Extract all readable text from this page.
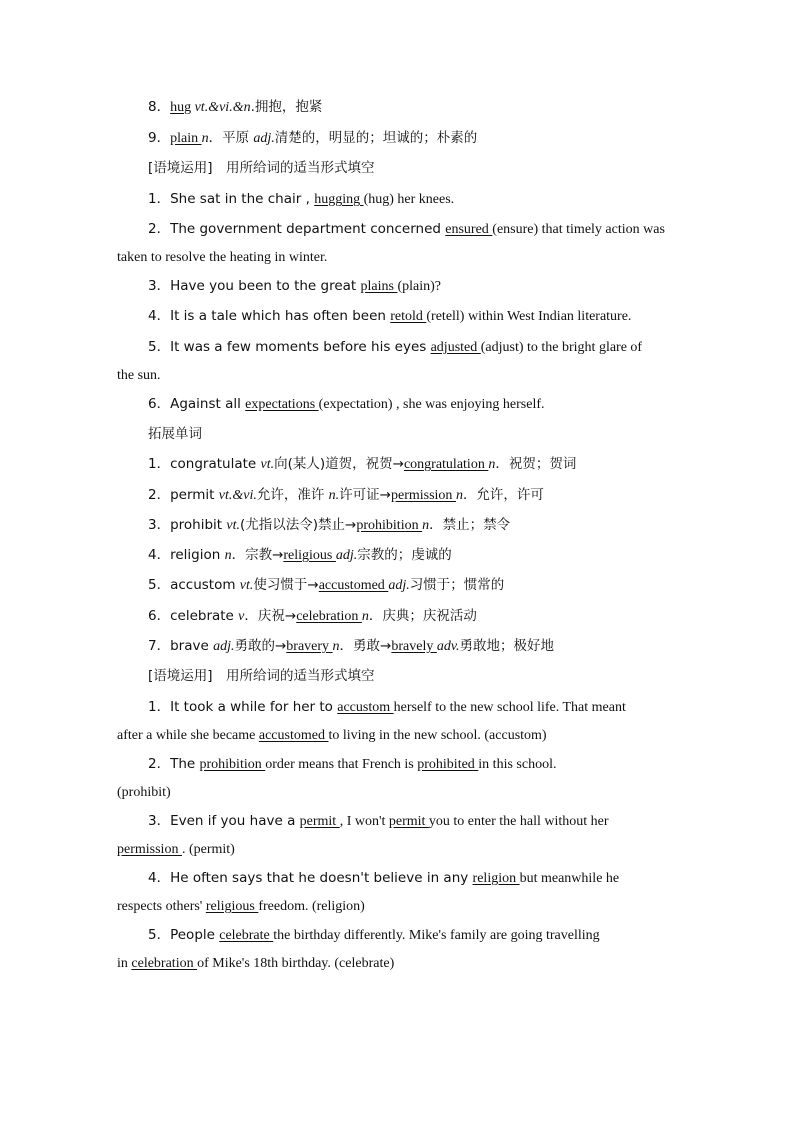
8．hug vt.&vi.&n.拥抱，抱紧
9．plain n．平原 adj.清楚的，明显的；坦诚的；朴素的
[语境运用]　用所给词的适当形式填空
1．She sat in the chair , hugging (hug) her knees.
2．The government department concerned ensured (ensure) that timely action was
taken to resolve the heating in winter.
3．Have you been to the great plains (plain)?
4．It is a tale which has often been retold (retell) within West Indian literature.
5．It was a few moments before his eyes adjusted (adjust) to the bright glare of
the sun.
6．Against all expectations (expectation) , she was enjoying herself.
拓展单词
1．congratulate vt.向(某人)道贺，祝贺→congratulation n．祝贺；贺词
2．permit vt.&vi.允许，准许 n.许可证→permission n．允许，许可
3．prohibit vt.(尤指以法令)禁止→prohibition n．禁止；禁令
4．religion n．宗教→religious adj.宗教的；虔诚的
5．accustom vt.使习惯于→accustomed adj.习惯于；惯常的
6．celebrate v．庆祝→celebration n．庆典；庆祝活动
7．brave adj.勇敢的→bravery n．勇敢→bravely adv.勇敢地；极好地
[语境运用]　用所给词的适当形式填空
1．It took a while for her to accustom herself to the new school life. That meant
after a while she became accustomed to living in the new school. (accustom)
2．The prohibition order means that French is prohibited in this school.
(prohibit)
3．Even if you have a permit , I won't permit you to enter the hall without her
permission . (permit)
4．He often says that he doesn't believe in any religion but meanwhile he
respects others' religious freedom. (religion)
5．People celebrate the birthday differently. Mike's family are going travelling
in celebration of Mike's 18th birthday. (celebrate)
